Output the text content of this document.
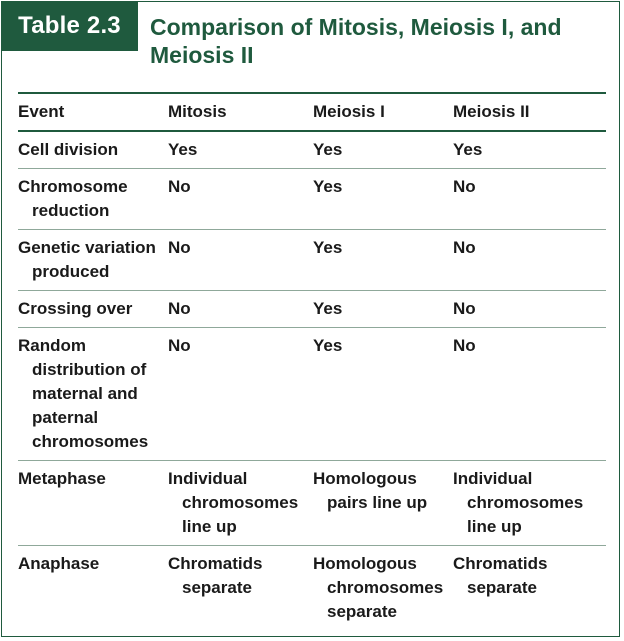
Table 2.3 Comparison of Mitosis, Meiosis I, and Meiosis II
Event	Mitosis	Meiosis I	Meiosis II

Cell division	Yes	Yes	Yes

Chromosome reduction	No	Yes	No

Genetic variation produced	No	Yes	No

Crossing over	No	Yes	No

Random distribution of maternal and paternal chromosomes	No	Yes	No

Metaphase	Individual chromosomes line up	Homologous pairs line up	Individual chromosomes line up

Anaphase	Chromatids separate	Homologous chromosomes separate	Chromatids separate
